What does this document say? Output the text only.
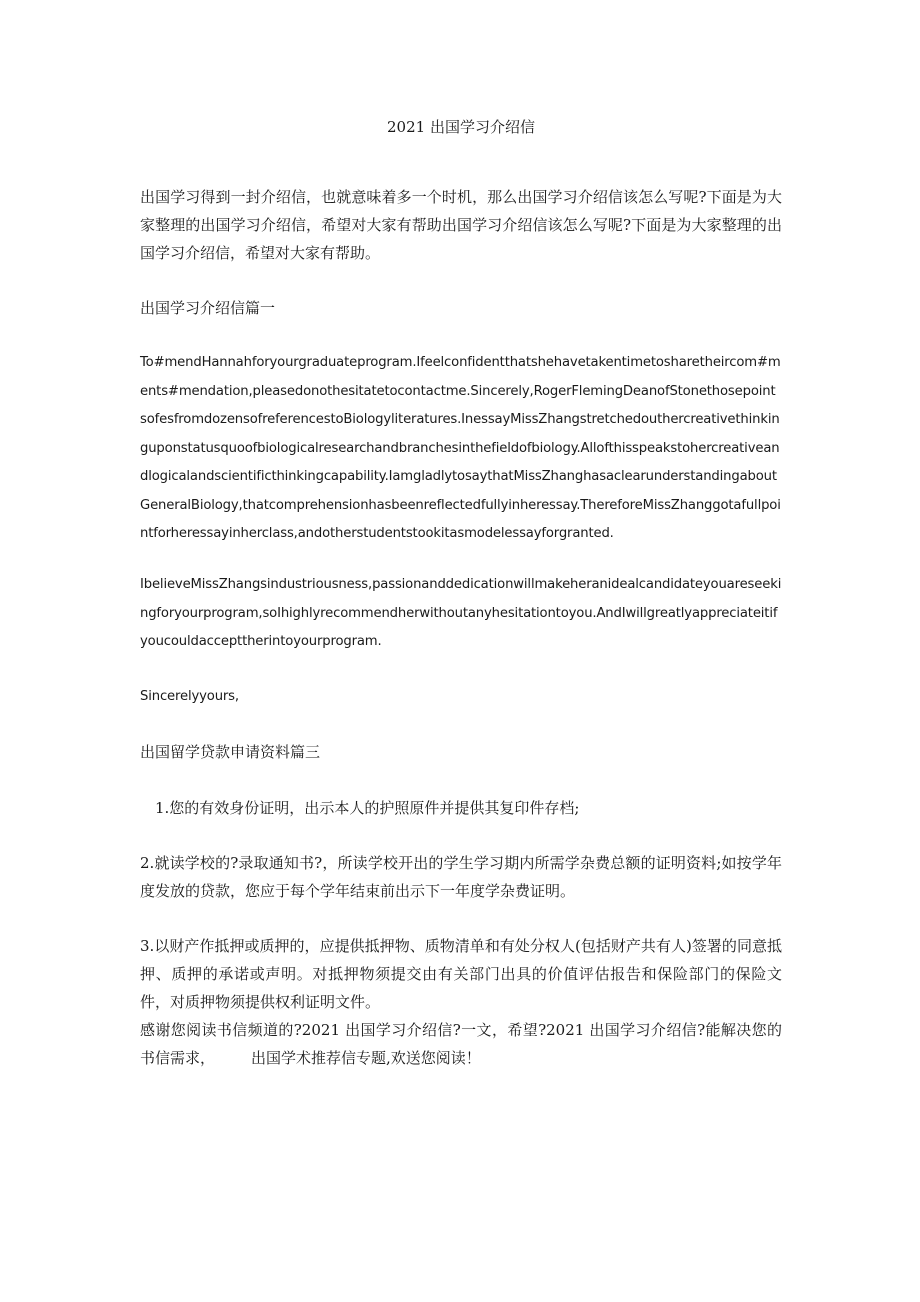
2021 出国学习介绍信

出国学习得到一封介绍信，也就意味着多一个时机，那么出国学习介绍信该怎么写呢?下面是为大家整理的出国学习介绍信，希望对大家有帮助出国学习介绍信该怎么写呢?下面是为大家整理的出国学习介绍信，希望对大家有帮助。

出国学习介绍信篇一

To#mendHannahforyourgraduateprogram.Ifeelconfidentthatshehavetakentimetosharetheircom#ments#mendation,pleasedonothesitatetocontactme.Sincerely,RogerFlemingDeanofStonethosepointsofesfromdozensofreferencestoBiologyliteratures.InessayMissZhangstretchedouthercreativethinkinguponstatusquoofbiologicalresearchandbranchesinthefieldofbiology.Allofthisspeakstohercreativeandlogicalandscientificthinkingcapability.IamgladlytosaythatMissZhanghasaclearunderstandingaboutGeneralBiology,thatcomprehensionhasbeenreflectedfullyinheressay.ThereforeMissZhanggotafullpointforheressayinherclass,andotherstudentstookitasmodelessayforgranted.

IbelieveMissZhangsindustriousness,passionanddedicationwillmakeheranidealcandidateyouareseekingforyourprogram,soIhighlyrecommendherwithoutanyhesitationtoyou.AndIwillgreatlyappreciateitifyoucouldaccepttherintoyourprogram.

Sincerelyyours,

出国留学贷款申请资料篇三

1.您的有效身份证明，出示本人的护照原件并提供其复印件存档;

2.就读学校的?录取通知书?，所读学校开出的学生学习期内所需学杂费总额的证明资料;如按学年度发放的贷款，您应于每个学年结束前出示下一年度学杂费证明。

3.以财产作抵押或质押的，应提供抵押物、质物清单和有处分权人(包括财产共有人)签署的同意抵押、质押的承诺或声明。对抵押物须提交由有关部门出具的价值评估报告和保险部门的保险文件，对质押物须提供权利证明文件。

感谢您阅读书信频道的?2021 出国学习介绍信?一文，希望?2021 出国学习介绍信?能解决您的书信需求， 出国学术推荐信专题,欢送您阅读！
